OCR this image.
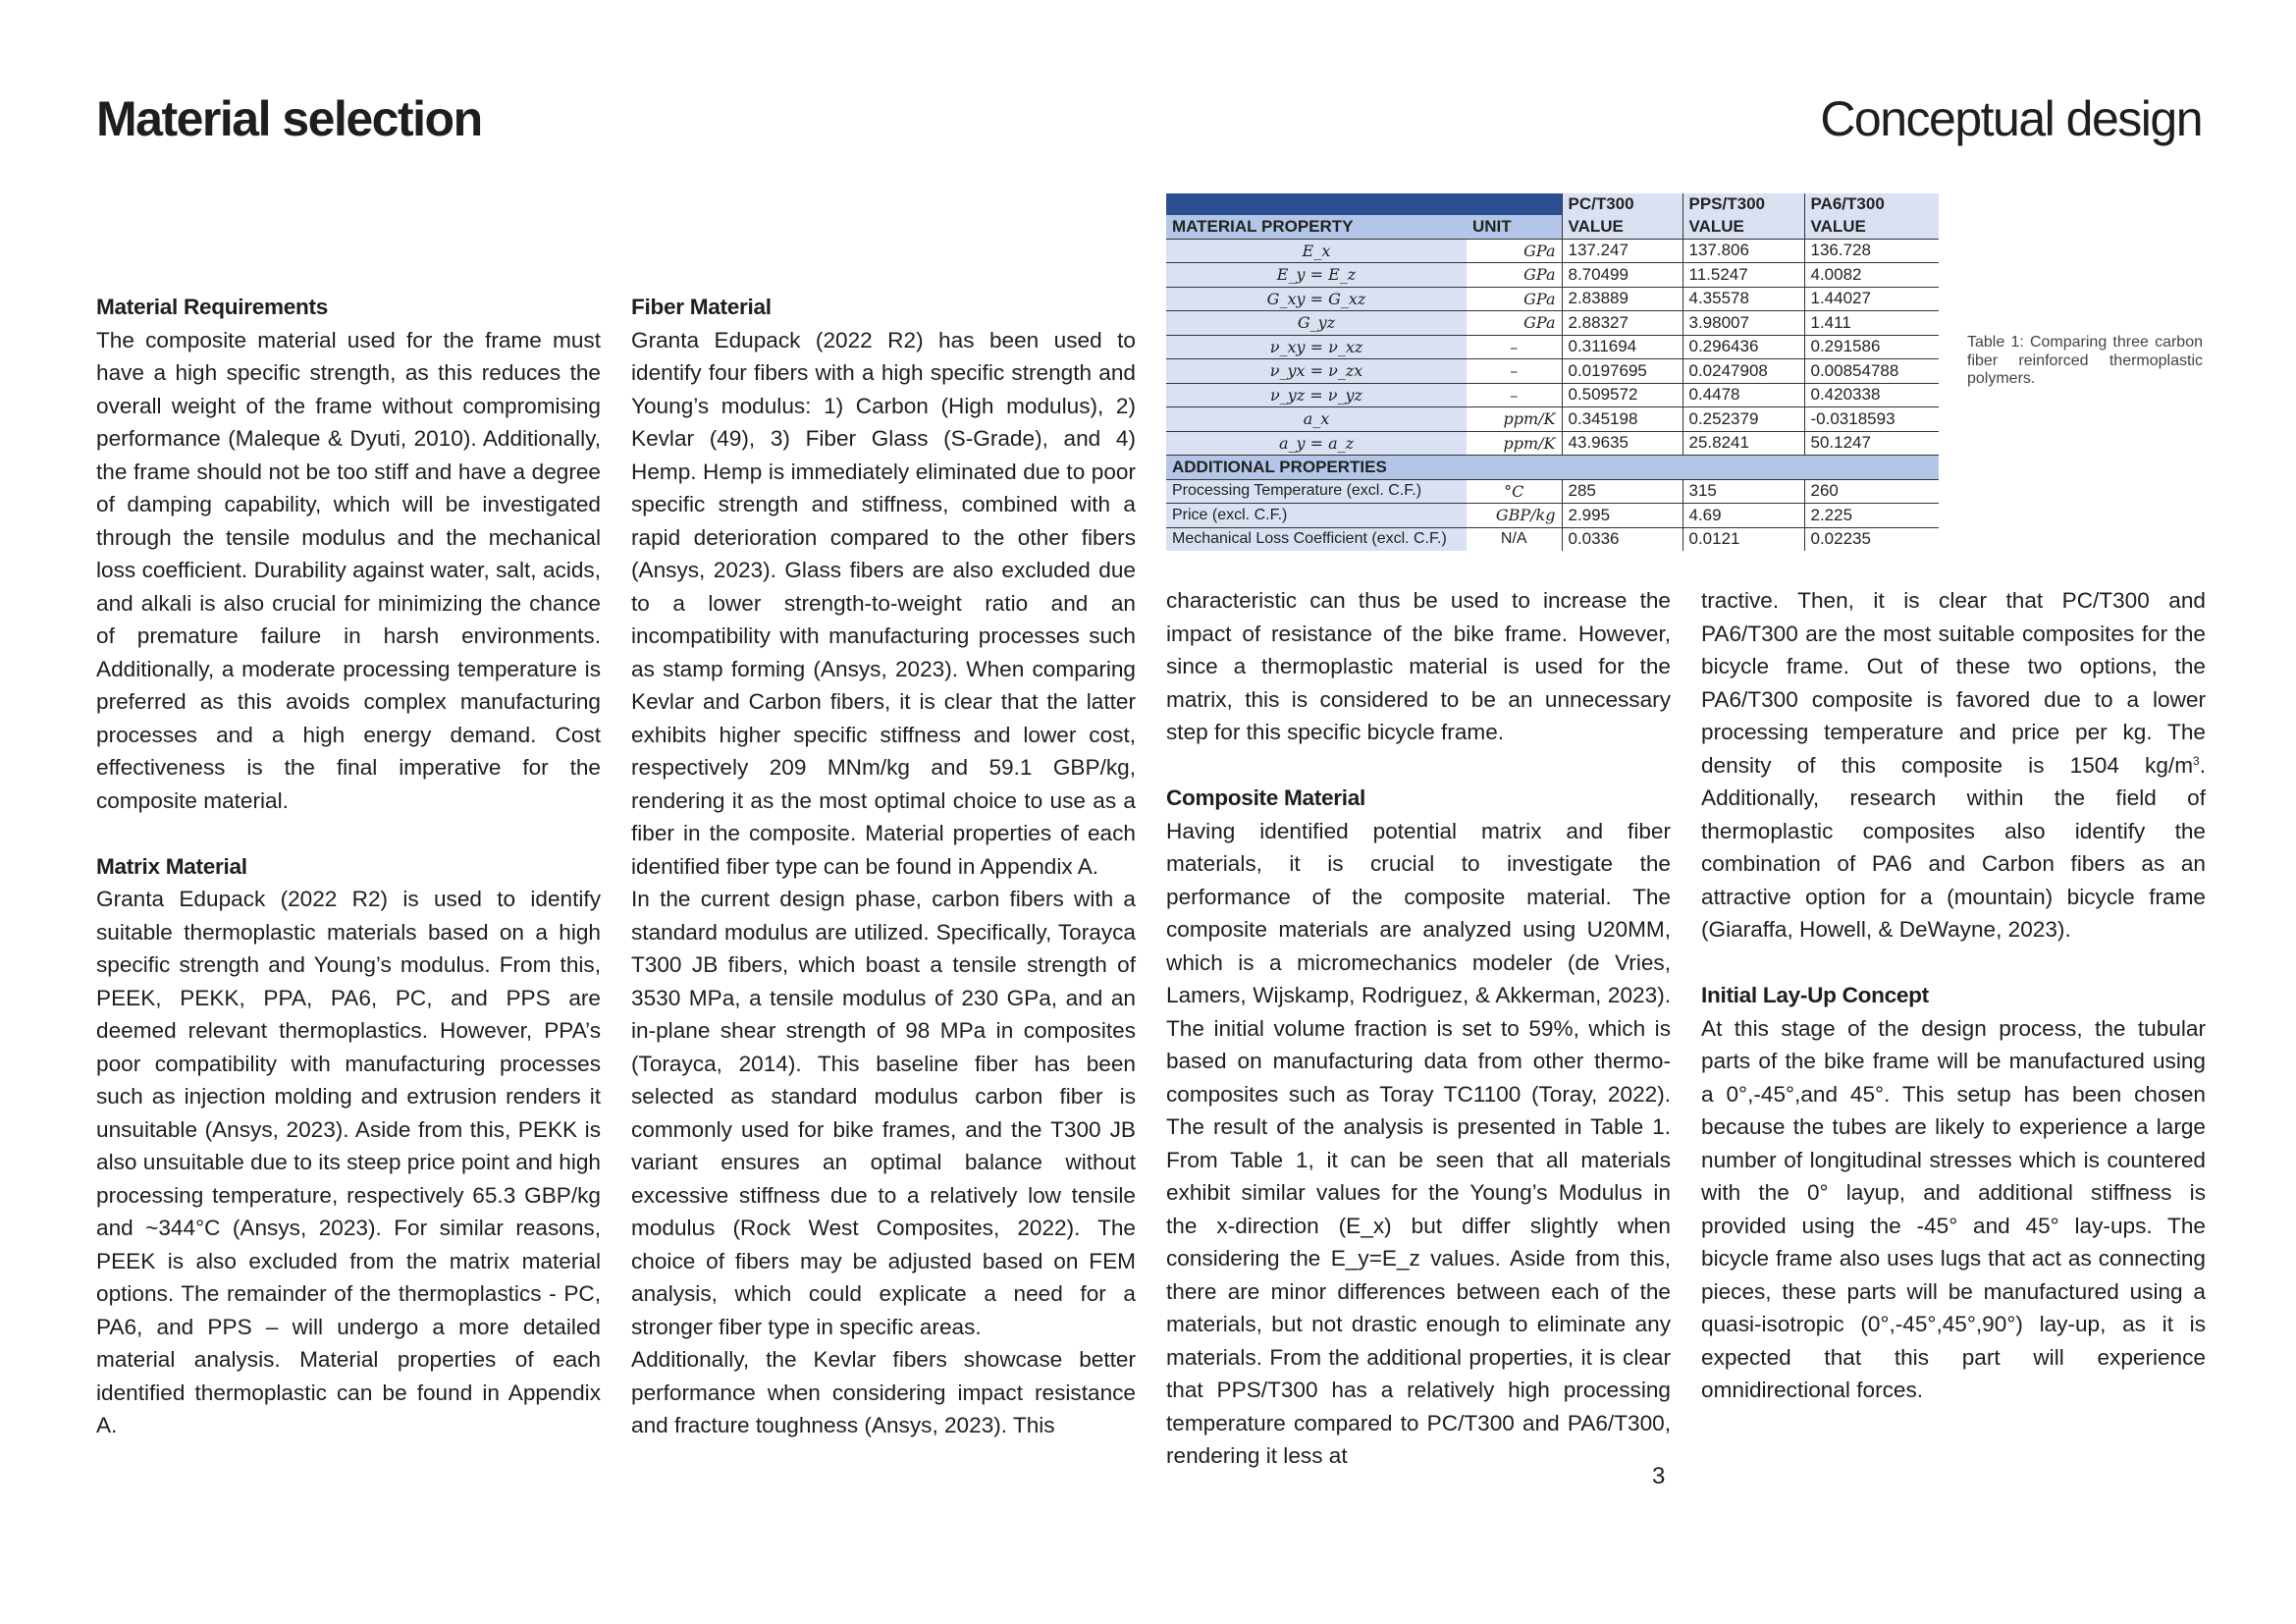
Material selection	Conceptual design
Material Requirements

The composite material used for the frame must have a high specific strength, as this reduces the overall weight of the frame without compromising performance (Maleque & Dyuti, 2010). Additionally, the frame should not be too stiff and have a degree of damping capability, which will be investigated through the tensile modulus and the mechanical loss coefficient. Durability against water, salt, acids, and alkali is also crucial for minimizing the chance of premature failure in harsh environments. Additionally, a moderate processing temperature is preferred as this avoids complex manufacturing processes and a high energy demand. Cost effectiveness is the final imperative for the composite material.

Matrix Material

Granta Edupack (2022 R2) is used to identify suitable thermoplastic materials based on a high specific strength and Young’s modulus. From this, PEEK, PEKK, PPA, PA6, PC, and PPS are deemed relevant thermoplastics. However, PPA’s poor compatibility with manufacturing processes such as injection molding and extrusion renders it unsuitable (Ansys, 2023). Aside from this, PEKK is also unsuitable due to its steep price point and high processing temperature, respectively 65.3 GBP/kg and ~344°C (Ansys, 2023). For similar reasons, PEEK is also excluded from the matrix material options. The remainder of the thermoplastics - PC, PA6, and PPS – will undergo a more detailed material analysis. Material properties of each identified thermoplastic can be found in Appendix A.

Fiber Material

Granta Edupack (2022 R2) has been used to identify four fibers with a high specific strength and Young’s modulus: 1) Carbon (High modulus), 2) Kevlar (49), 3) Fiber Glass (S-Grade), and 4) Hemp. Hemp is immediately eliminated due to poor specific strength and stiffness, combined with a rapid deterioration compared to the other fibers (Ansys, 2023). Glass fibers are also excluded due to a lower strength-to-weight ratio and an incompatibility with manufacturing processes such as stamp forming (Ansys, 2023). When comparing Kevlar and Carbon fibers, it is clear that the latter exhibits higher specific stiffness and lower cost, respectively 209 MNm/kg and 59.1 GBP/kg, rendering it as the most optimal choice to use as a fiber in the composite. Material properties of each identified fiber type can be found in Appendix A.

In the current design phase, carbon fibers with a standard modulus are utilized. Specifically, Torayca T300 JB fibers, which boast a tensile strength of 3530 MPa, a tensile modulus of 230 GPa, and an in-plane shear strength of 98 MPa in composites (Torayca, 2014). This baseline fiber has been selected as standard modulus carbon fiber is commonly used for bike frames, and the T300 JB variant ensures an optimal balance without excessive stiffness due to a relatively low tensile modulus (Rock West Composites, 2022). The choice of fibers may be adjusted based on FEM analysis, which could explicate a need for a stronger fiber type in specific areas.

Additionally, the Kevlar fibers showcase better performance when considering impact resistance and fracture toughness (Ansys, 2023). This

		PC/T300	PPS/T300	PA6/T300
MATERIAL PROPERTY	UNIT	VALUE	VALUE	VALUE
E_x	GPa	137.247	137.806	136.728
E_y = E_z	GPa	8.70499	11.5247	4.0082
G_xy = G_xz	GPa	2.83889	4.35578	1.44027
G_yz	GPa	2.88327	3.98007	1.411
ν_xy = ν_xz	–	0.311694	0.296436	0.291586
ν_yx = ν_zx	–	0.0197695	0.0247908	0.00854788
ν_yz = ν_yz	–	0.509572	0.4478	0.420338
a_x	ppm/K	0.345198	0.252379	-0.0318593
a_y = a_z	ppm/K	43.9635	25.8241	50.1247
ADDITIONAL PROPERTIES				
Processing Temperature (excl. C.F.)	°C	285	315	260
Price (excl. C.F.)	GBP/kg	2.995	4.69	2.225
Mechanical Loss Coefficient (excl. C.F.)	N/A	0.0336	0.0121	0.02235
Table 1: Comparing three carbon fiber reinforced thermoplastic polymers.

characteristic can thus be used to increase the impact of resistance of the bike frame. However, since a thermoplastic material is used for the matrix, this is considered to be an unnecessary step for this specific bicycle frame.

Composite Material

Having identified potential matrix and fiber materials, it is crucial to investigate the performance of the composite material. The composite materials are analyzed using U20MM, which is a micromechanics modeler (de Vries, Lamers, Wijskamp, Rodriguez, & Akkerman, 2023). The initial volume fraction is set to 59%, which is based on manufacturing data from other thermo-composites such as Toray TC1100 (Toray, 2022). The result of the analysis is presented in Table 1. From Table 1, it can be seen that all materials exhibit similar values for the Young’s Modulus in the x-direction (E_x) but differ slightly when considering the E_y=E_z values. Aside from this, there are minor differences between each of the materials, but not drastic enough to eliminate any materials. From the additional properties, it is clear that PPS/T300 has a relatively high processing temperature compared to PC/T300 and PA6/T300, rendering it less at

tractive. Then, it is clear that PC/T300 and PA6/T300 are the most suitable composites for the bicycle frame. Out of these two options, the PA6/T300 composite is favored due to a lower processing temperature and price per kg. The density of this composite is 1504 $kg/m^3$. Additionally, research within the field of thermoplastic composites also identify the combination of PA6 and Carbon fibers as an attractive option for a (mountain) bicycle frame (Giaraffa, Howell, & DeWayne, 2023).

Initial Lay-Up Concept

At this stage of the design process, the tubular parts of the bike frame will be manufactured using a 0°,-45°,and 45°. This setup has been chosen because the tubes are likely to experience a large number of longitudinal stresses which is countered with the 0° layup, and additional stiffness is provided using the -45° and 45° lay-ups. The bicycle frame also uses lugs that act as connecting pieces, these parts will be manufactured using a quasi-isotropic (0°,-45°,45°,90°) lay-up, as it is expected that this part will experience omnidirectional forces.

3
